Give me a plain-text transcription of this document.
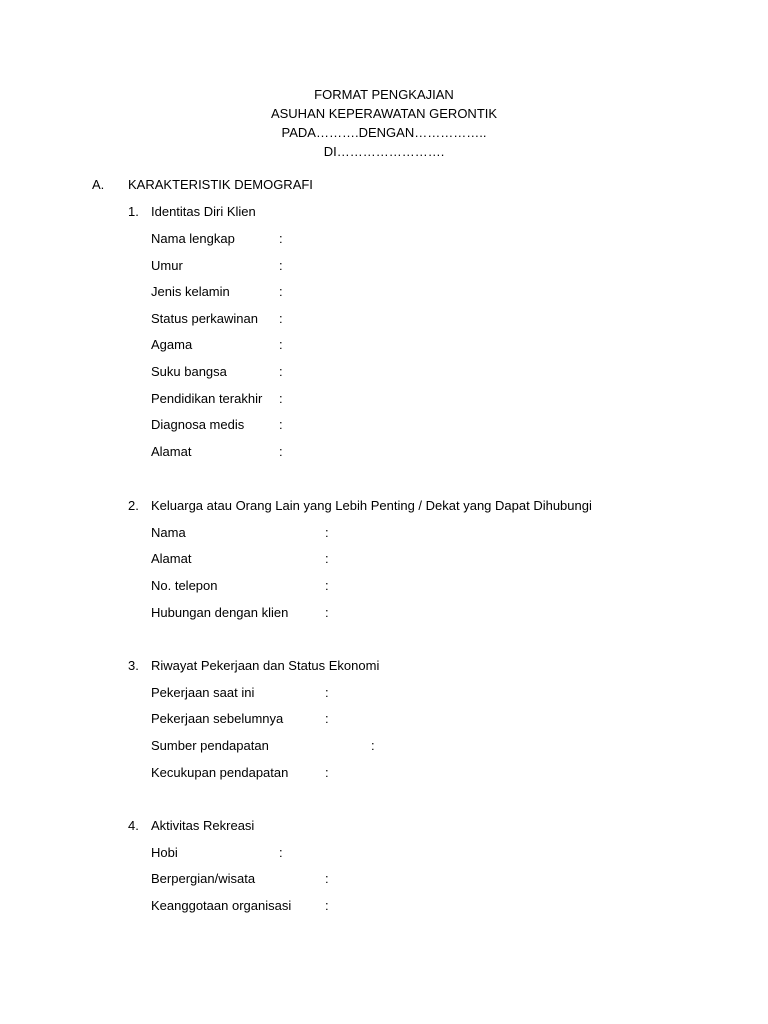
FORMAT PENGKAJIAN
ASUHAN KEPERAWATAN GERONTIK
PADA……….DENGAN……………..
DI…………………….
A. KARAKTERISTIK DEMOGRAFI
1. Identitas Diri Klien
Nama lengkap	:
Umur	:
Jenis kelamin	:
Status perkawinan :
Agama	:
Suku bangsa	:
Pendidikan terakhir :
Diagnosa medis	:
Alamat	:
2. Keluarga atau Orang Lain yang Lebih Penting / Dekat yang Dapat Dihubungi
Nama	:
Alamat	:
No. telepon	:
Hubungan dengan klien	:
3. Riwayat Pekerjaan dan Status Ekonomi
Pekerjaan saat ini	:
Pekerjaan sebelumnya	:
Sumber pendapatan	:
Kecukupan pendapatan	:
4. Aktivitas Rekreasi
Hobi	:
Berpergian/wisata	:
Keanggotaan organisasi	:
